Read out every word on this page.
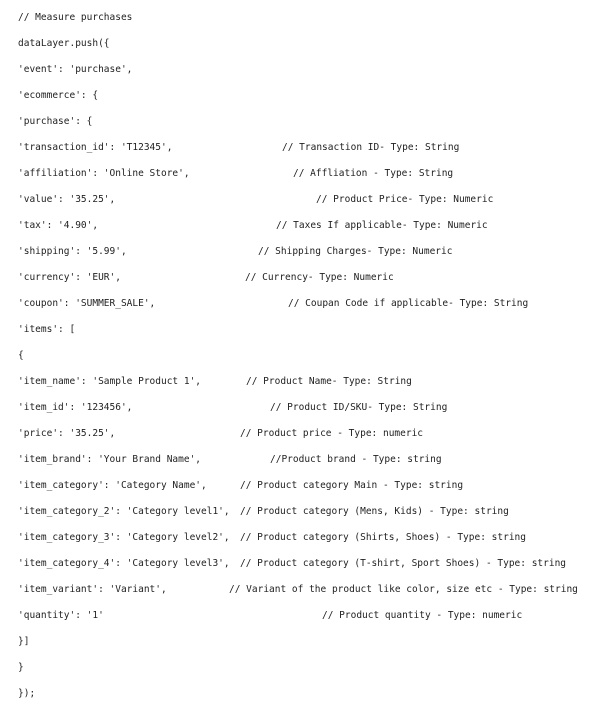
// Measure purchases
dataLayer.push({
'event': 'purchase',
'ecommerce': {
'purchase': {
'transaction_id': 'T12345',	// Transaction ID- Type: String
'affiliation': 'Online Store',	// Affliation - Type: String
'value': '35.25',	// Product Price- Type: Numeric
'tax': '4.90',	// Taxes If applicable- Type: Numeric
'shipping': '5.99',	// Shipping Charges- Type: Numeric
'currency': 'EUR',	// Currency- Type: Numeric
'coupon': 'SUMMER_SALE',	// Coupan Code if applicable- Type: String
'items': [
{
'item_name': 'Sample Product 1',	// Product Name- Type: String
'item_id': '123456',	// Product ID/SKU- Type: String
'price': '35.25',	// Product price - Type: numeric
'item_brand': 'Your Brand Name',	//Product brand - Type: string
'item_category': 'Category Name',	// Product category Main - Type: string
'item_category_2': 'Category level1', // Product category (Mens, Kids) - Type: string
'item_category_3': 'Category level2', // Product category (Shirts, Shoes) - Type: string
'item_category_4': 'Category level3', // Product category (T-shirt, Sport Shoes) - Type: string
'item_variant': 'Variant',	// Variant of the product like color, size etc - Type: string
'quantity': '1'	// Product quantity - Type: numeric
}]
}
});
